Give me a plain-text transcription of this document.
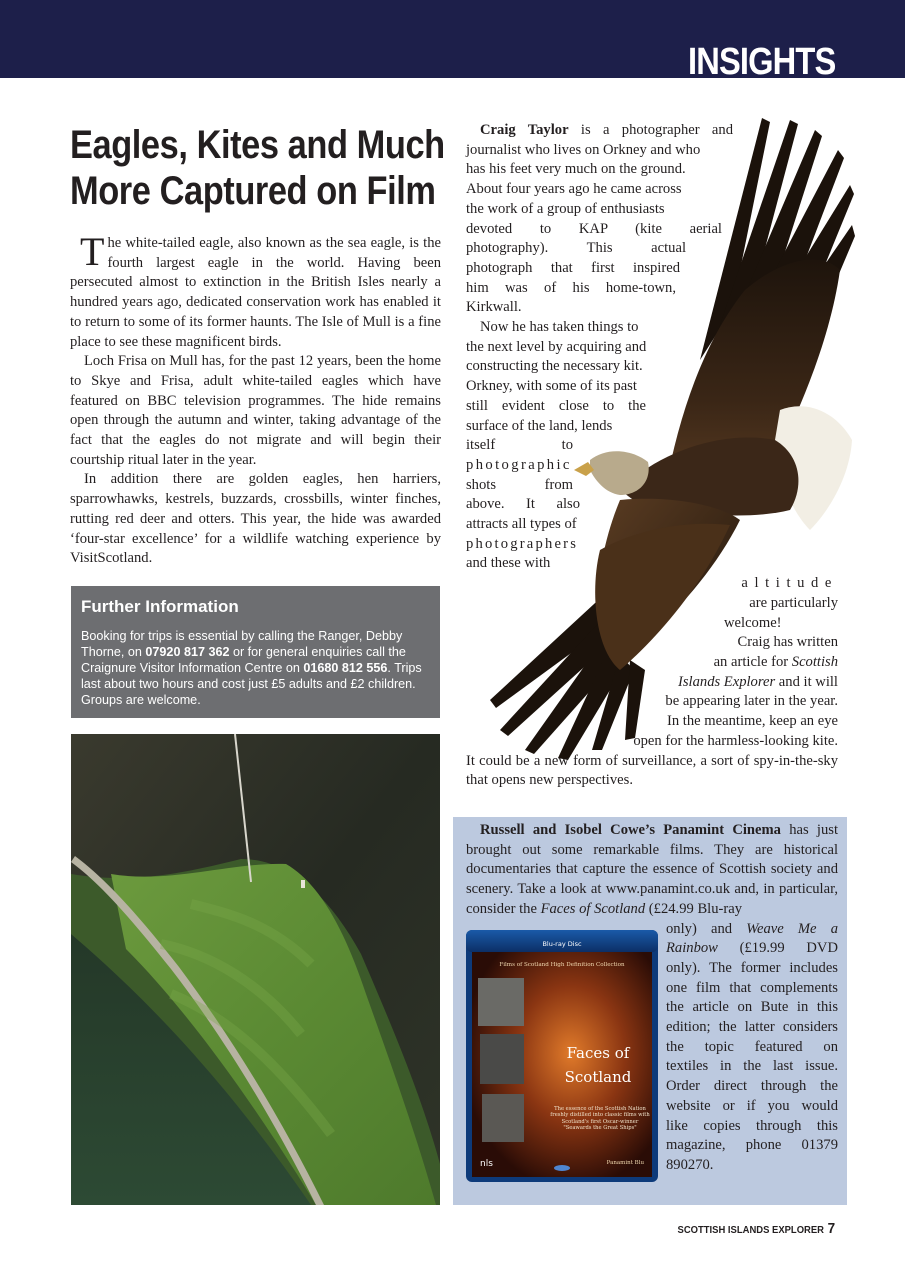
INSIGHTS
Eagles, Kites and Much
More Captured on Film

The white-tailed eagle, also known as the sea eagle, is the fourth largest eagle in the world. Having been persecuted almost to extinction in the British Isles nearly a hundred years ago, dedicated conservation work has enabled it to return to some of its former haunts. The Isle of Mull is a fine place to see these magnificent birds.

Loch Frisa on Mull has, for the past 12 years, been the home to Skye and Frisa, adult white-tailed eagles which have featured on BBC television programmes. The hide remains open through the autumn and winter, taking advantage of the fact that the eagles do not migrate and will begin their courtship ritual later in the year.

In addition there are golden eagles, hen harriers, sparrowhawks, kestrels, buzzards, crossbills, winter finches, rutting red deer and otters. This year, the hide was awarded ‘four-star excellence’ for a wildlife watching experience by VisitScotland.

Further Information
Booking for trips is essential by calling the Ranger, Debby Thorne, on 07920 817 362 or for general enquiries call the Craignure Visitor Information Centre on 01680 812 556. Trips last about two hours and cost just £5 adults and £2 children. Groups are welcome.
Craig Taylor is a photographer and
journalist who lives on Orkney and who
has his feet very much on the ground.
About four years ago he came across
the work of a group of enthusiasts
devoted to KAP (kite aerial
photography). This actual
photograph that first inspired
him was of his home-town,
Kirkwall.
Now he has taken things to
the next level by acquiring and
constructing the necessary kit.
Orkney, with some of its past
still evident close to the
surface of the land, lends
itself to
photographic
shots from
above. It also
attracts all types of
photographers
and these with
altitude
are particularly
welcome!
Craig has written
an article for Scottish
Islands Explorer and it will
be appearing later in the year.
In the meantime, keep an eye
open for the harmless-looking kite.
It could be a new form of surveillance, a sort of spy-in-the-sky that opens new perspectives.

Russell and Isobel Cowe’s Panamint Cinema has just brought out some remarkable films. They are historical documentaries that capture the essence of Scottish society and scenery. Take a look at www.panamint.co.uk and, in particular, consider the Faces of Scotland (£24.99 Blu-ray

only) and Weave Me a
Rainbow (£19.99 DVD
only). The former includes
one film that complements
the article on Bute in this
edition; the latter considers
the topic featured on
textiles in the last issue.
Order direct through the
website or if you would
like copies through this
magazine, phone 01379
890270.
Blu-ray Disc
Films of Scotland High Definition Collection
Faces of
Scotland
The essence of the Scottish Nation freshly distilled into classic films with Scotland's first Oscar-winner "Seawards the Great Ships"
nls	Panamint Blu
SCOTTISH ISLANDS EXPLORER 7
